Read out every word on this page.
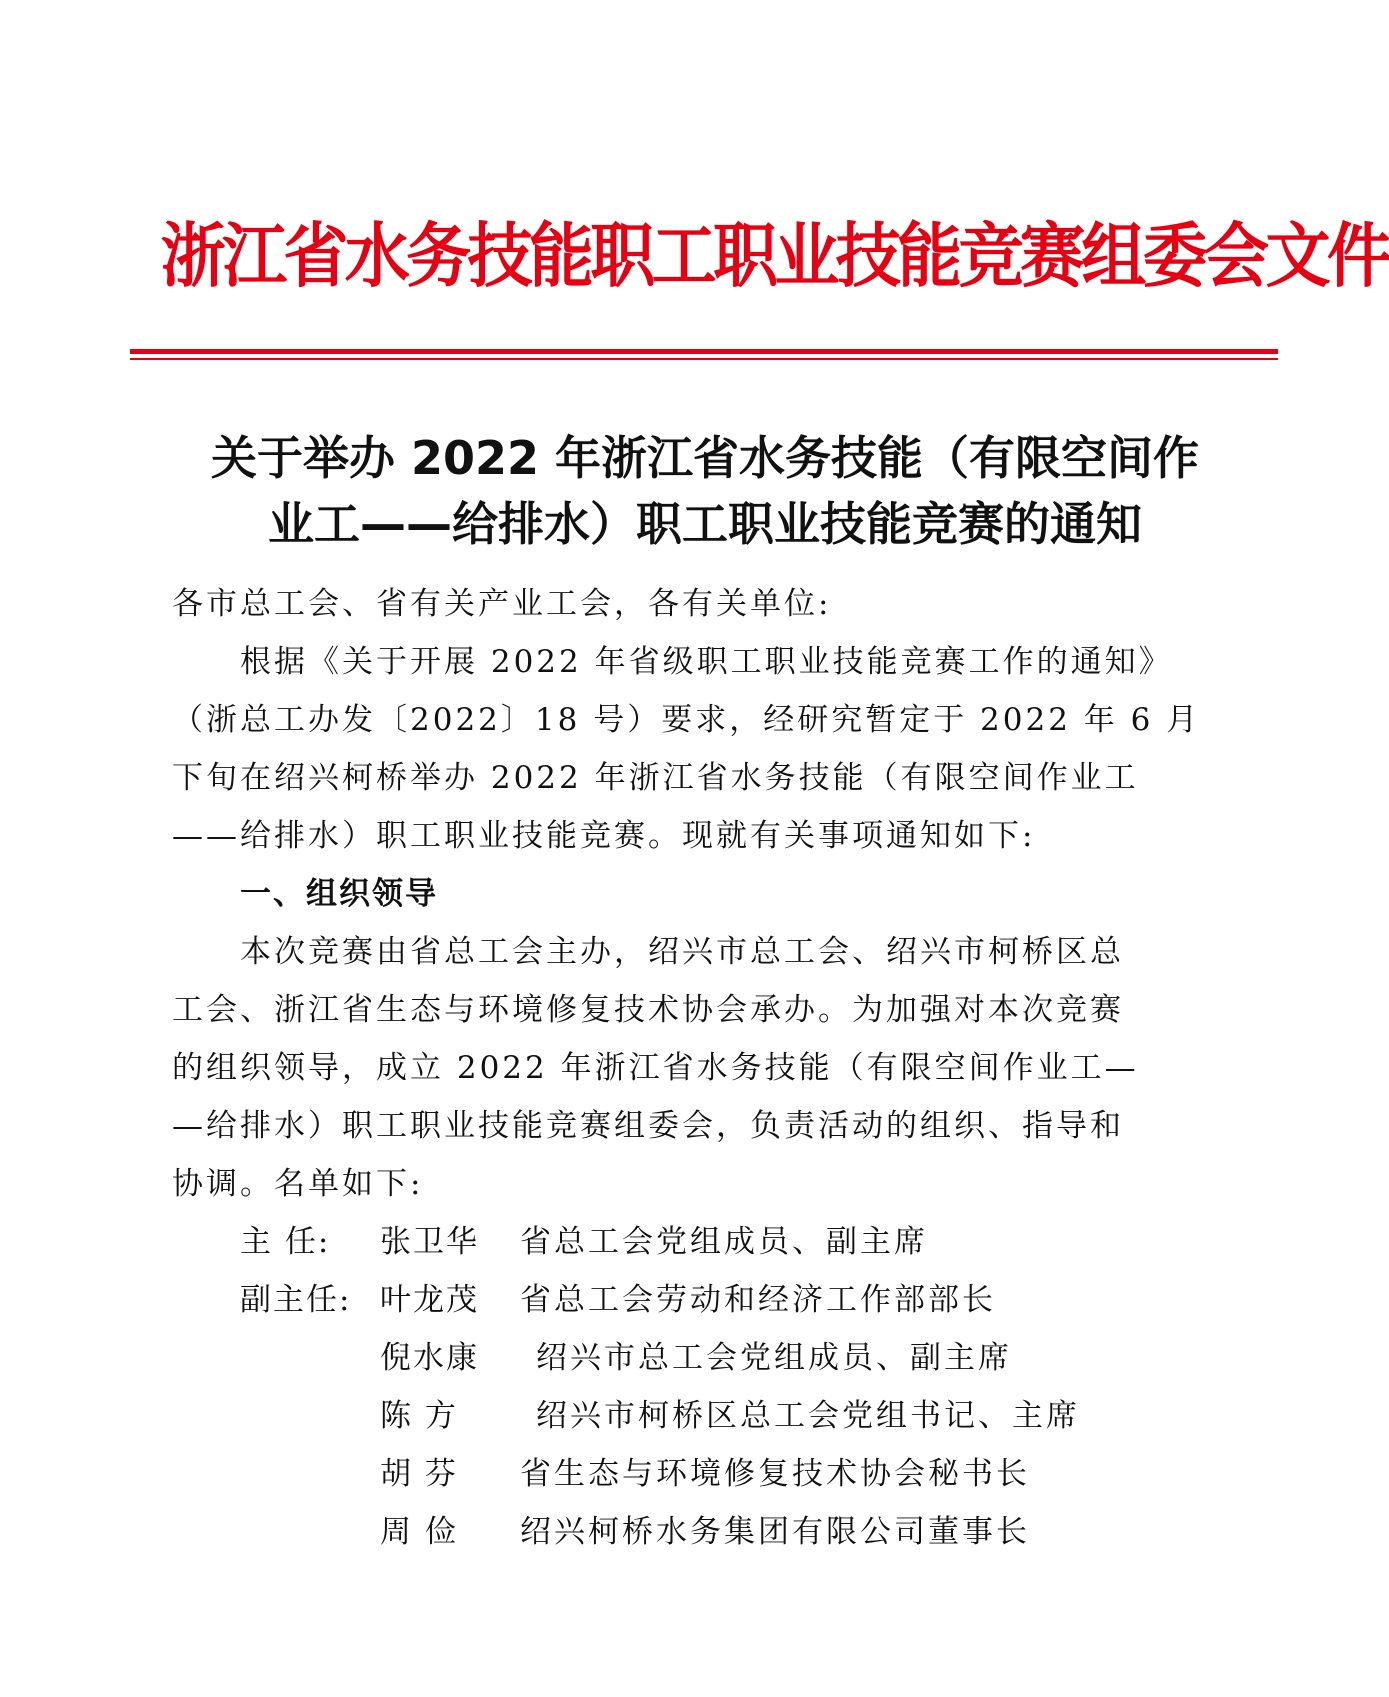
浙江省水务技能职工职业技能竞赛组委会文件
关于举办 2022 年浙江省水务技能（有限空间作
业工——给排水）职工职业技能竞赛的通知
各市总工会、省有关产业工会，各有关单位:
根据《关于开展 2022 年省级职工职业技能竞赛工作的通知》
（浙总工办发〔2022〕18 号）要求，经研究暂定于 2022 年 6 月
下旬在绍兴柯桥举办 2022 年浙江省水务技能（有限空间作业工
——给排水）职工职业技能竞赛。现就有关事项通知如下:
一、组织领导
本次竞赛由省总工会主办，绍兴市总工会、绍兴市柯桥区总
工会、浙江省生态与环境修复技术协会承办。为加强对本次竞赛
的组织领导，成立 2022 年浙江省水务技能（有限空间作业工—
—给排水）职工职业技能竞赛组委会，负责活动的组织、指导和
协调。名单如下:
主 任: 张卫华 省总工会党组成员、副主席
副主任: 叶龙茂 省总工会劳动和经济工作部部长
倪水康 绍兴市总工会党组成员、副主席
陈 方	绍兴市柯桥区总工会党组书记、主席
胡 芬 省生态与环境修复技术协会秘书长
周 俭 绍兴柯桥水务集团有限公司董事长
